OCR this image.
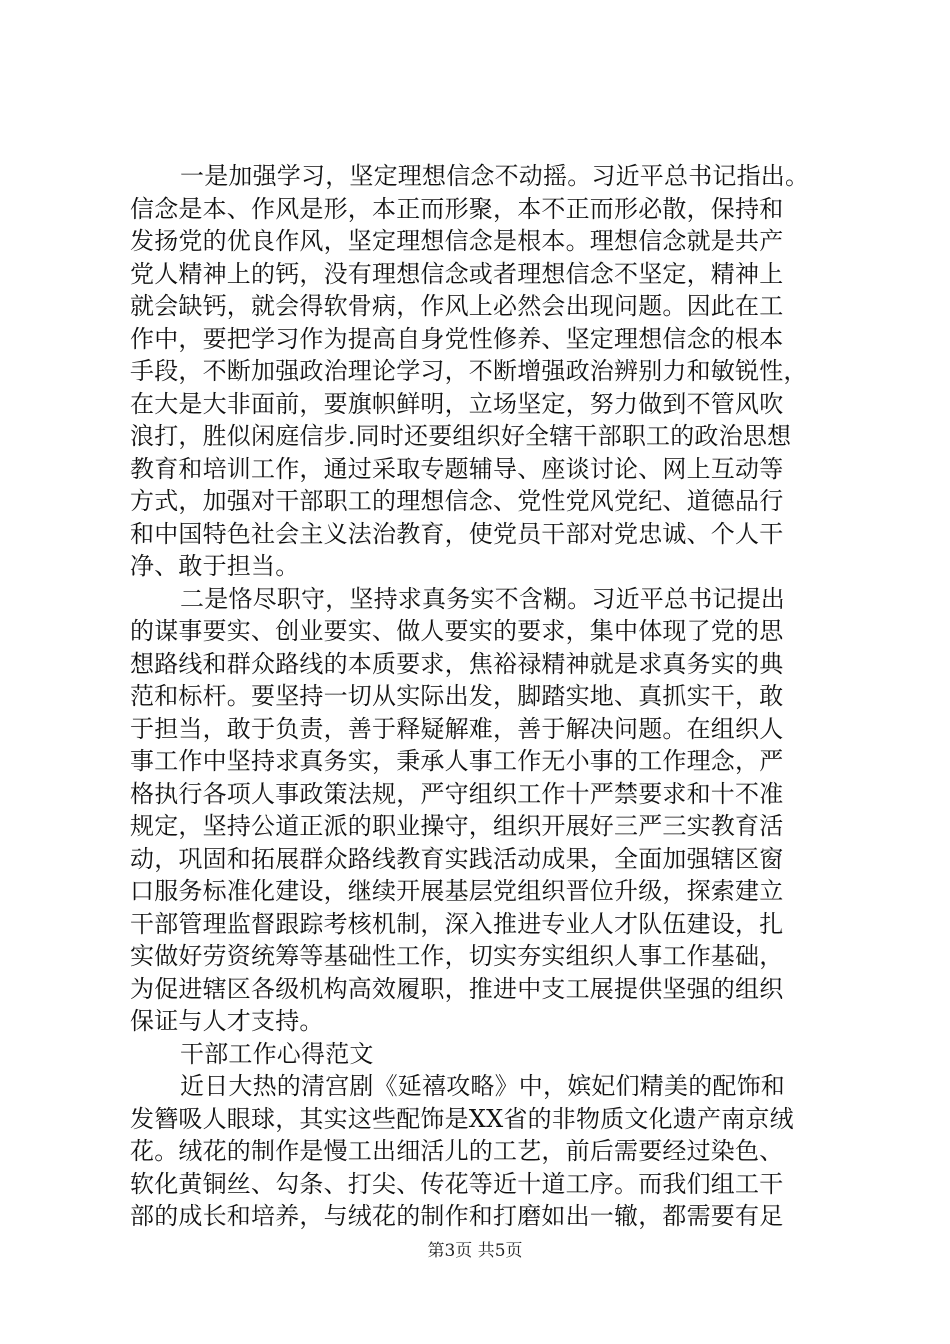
一是加强学习，坚定理想信念不动摇。习近平总书记指出。
信念是本、作风是形，本正而形聚，本不正而形必散，保持和
发扬党的优良作风，坚定理想信念是根本。理想信念就是共产
党人精神上的钙，没有理想信念或者理想信念不坚定，精神上
就会缺钙，就会得软骨病，作风上必然会出现问题。因此在工
作中，要把学习作为提高自身党性修养、坚定理想信念的根本
手段，不断加强政治理论学习，不断增强政治辨别力和敏锐性，
在大是大非面前，要旗帜鲜明，立场坚定，努力做到不管风吹
浪打，胜似闲庭信步.同时还要组织好全辖干部职工的政治思想
教育和培训工作，通过采取专题辅导、座谈讨论、网上互动等
方式，加强对干部职工的理想信念、党性党风党纪、道德品行
和中国特色社会主义法治教育，使党员干部对党忠诚、个人干
净、敢于担当。
二是恪尽职守，坚持求真务实不含糊。习近平总书记提出
的谋事要实、创业要实、做人要实的要求，集中体现了党的思
想路线和群众路线的本质要求，焦裕禄精神就是求真务实的典
范和标杆。要坚持一切从实际出发，脚踏实地、真抓实干，敢
于担当，敢于负责，善于释疑解难，善于解决问题。在组织人
事工作中坚持求真务实，秉承人事工作无小事的工作理念，严
格执行各项人事政策法规，严守组织工作十严禁要求和十不准
规定，坚持公道正派的职业操守，组织开展好三严三实教育活
动，巩固和拓展群众路线教育实践活动成果，全面加强辖区窗
口服务标准化建设，继续开展基层党组织晋位升级，探索建立
干部管理监督跟踪考核机制，深入推进专业人才队伍建设，扎
实做好劳资统筹等基础性工作，切实夯实组织人事工作基础，
为促进辖区各级机构高效履职，推进中支工展提供坚强的组织
保证与人才支持。
干部工作心得范文
近日大热的清宫剧《延禧攻略》中，嫔妃们精美的配饰和
发簪吸人眼球，其实这些配饰是XX省的非物质文化遗产南京绒
花。绒花的制作是慢工出细活儿的工艺，前后需要经过染色、
软化黄铜丝、勾条、打尖、传花等近十道工序。而我们组工干
部的成长和培养，与绒花的制作和打磨如出一辙，都需要有足
第3页 共5页
